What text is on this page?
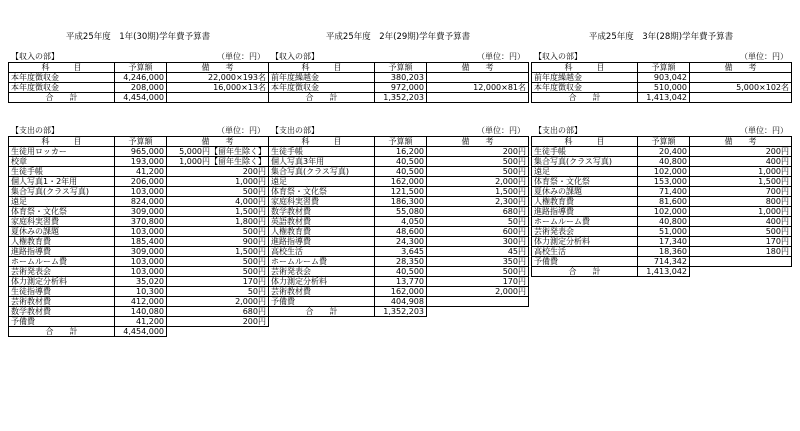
平成25年度　1年(30期)学年費予算書
【収入の部】	（単位：円）
科　　　目	予算額	備　　考
本年度徴収金	4,246,000	22,000×193名
本年度徴収金	208,000	16,000×13名
合　　計	4,454,000	
【支出の部】	（単位：円）
科　　　目	予算額	備　　考
生徒用ロッカー	965,000	5,000円【留年生除く】
校章	193,000	1,000円【留年生除く】
生徒手帳	41,200	200円
個人写真1・2年用	206,000	1,000円
集合写真(クラス写真)	103,000	500円
遠足	824,000	4,000円
体育祭・文化祭	309,000	1,500円
家庭科実習費	370,800	1,800円
夏休みの課題	103,000	500円
人権教育費	185,400	900円
進路指導費	309,000	1,500円
ホームルーム費	103,000	500円
芸術発表会	103,000	500円
体力測定分析料	35,020	170円
生徒指導費	10,300	50円
芸術教材費	412,000	2,000円
数学教材費	140,080	680円
予備費	41,200	200円
合　　計	4,454,000	
平成25年度　2年(29期)学年費予算書
【収入の部】	（単位：円）
科　　　目	予算額	備　　考
前年度繰越金	380,203	
本年度徴収金	972,000	12,000×81名
合　　計	1,352,203	
【支出の部】	（単位：円）
科　　　目	予算額	備　　考
生徒手帳	16,200	200円
個人写真3年用	40,500	500円
集合写真(クラス写真)	40,500	500円
遠足	162,000	2,000円
体育祭・文化祭	121,500	1,500円
家庭科実習費	186,300	2,300円
数学教材費	55,080	680円
英語教材費	4,050	50円
人権教育費	48,600	600円
進路指導費	24,300	300円
高校生活	3,645	45円
ホームルーム費	28,350	350円
芸術発表会	40,500	500円
体力測定分析料	13,770	170円
芸術教材費	162,000	2,000円
予備費	404,908	
合　　計	1,352,203	
平成25年度　3年(28期)学年費予算書
【収入の部】	（単位：円）
科　　　目	予算額	備　　考
前年度繰越金	903,042	
本年度徴収金	510,000	5,000×102名
合　　計	1,413,042	
【支出の部】	（単位：円）
科　　　目	予算額	備　　考
生徒手帳	20,400	200円
集合写真(クラス写真)	40,800	400円
遠足	102,000	1,000円
体育祭・文化祭	153,000	1,500円
夏休みの課題	71,400	700円
人権教育費	81,600	800円
進路指導費	102,000	1,000円
ホームルーム費	40,800	400円
芸術発表会	51,000	500円
体力測定分析料	17,340	170円
高校生活	18,360	180円
予備費	714,342	
合　　計	1,413,042	
